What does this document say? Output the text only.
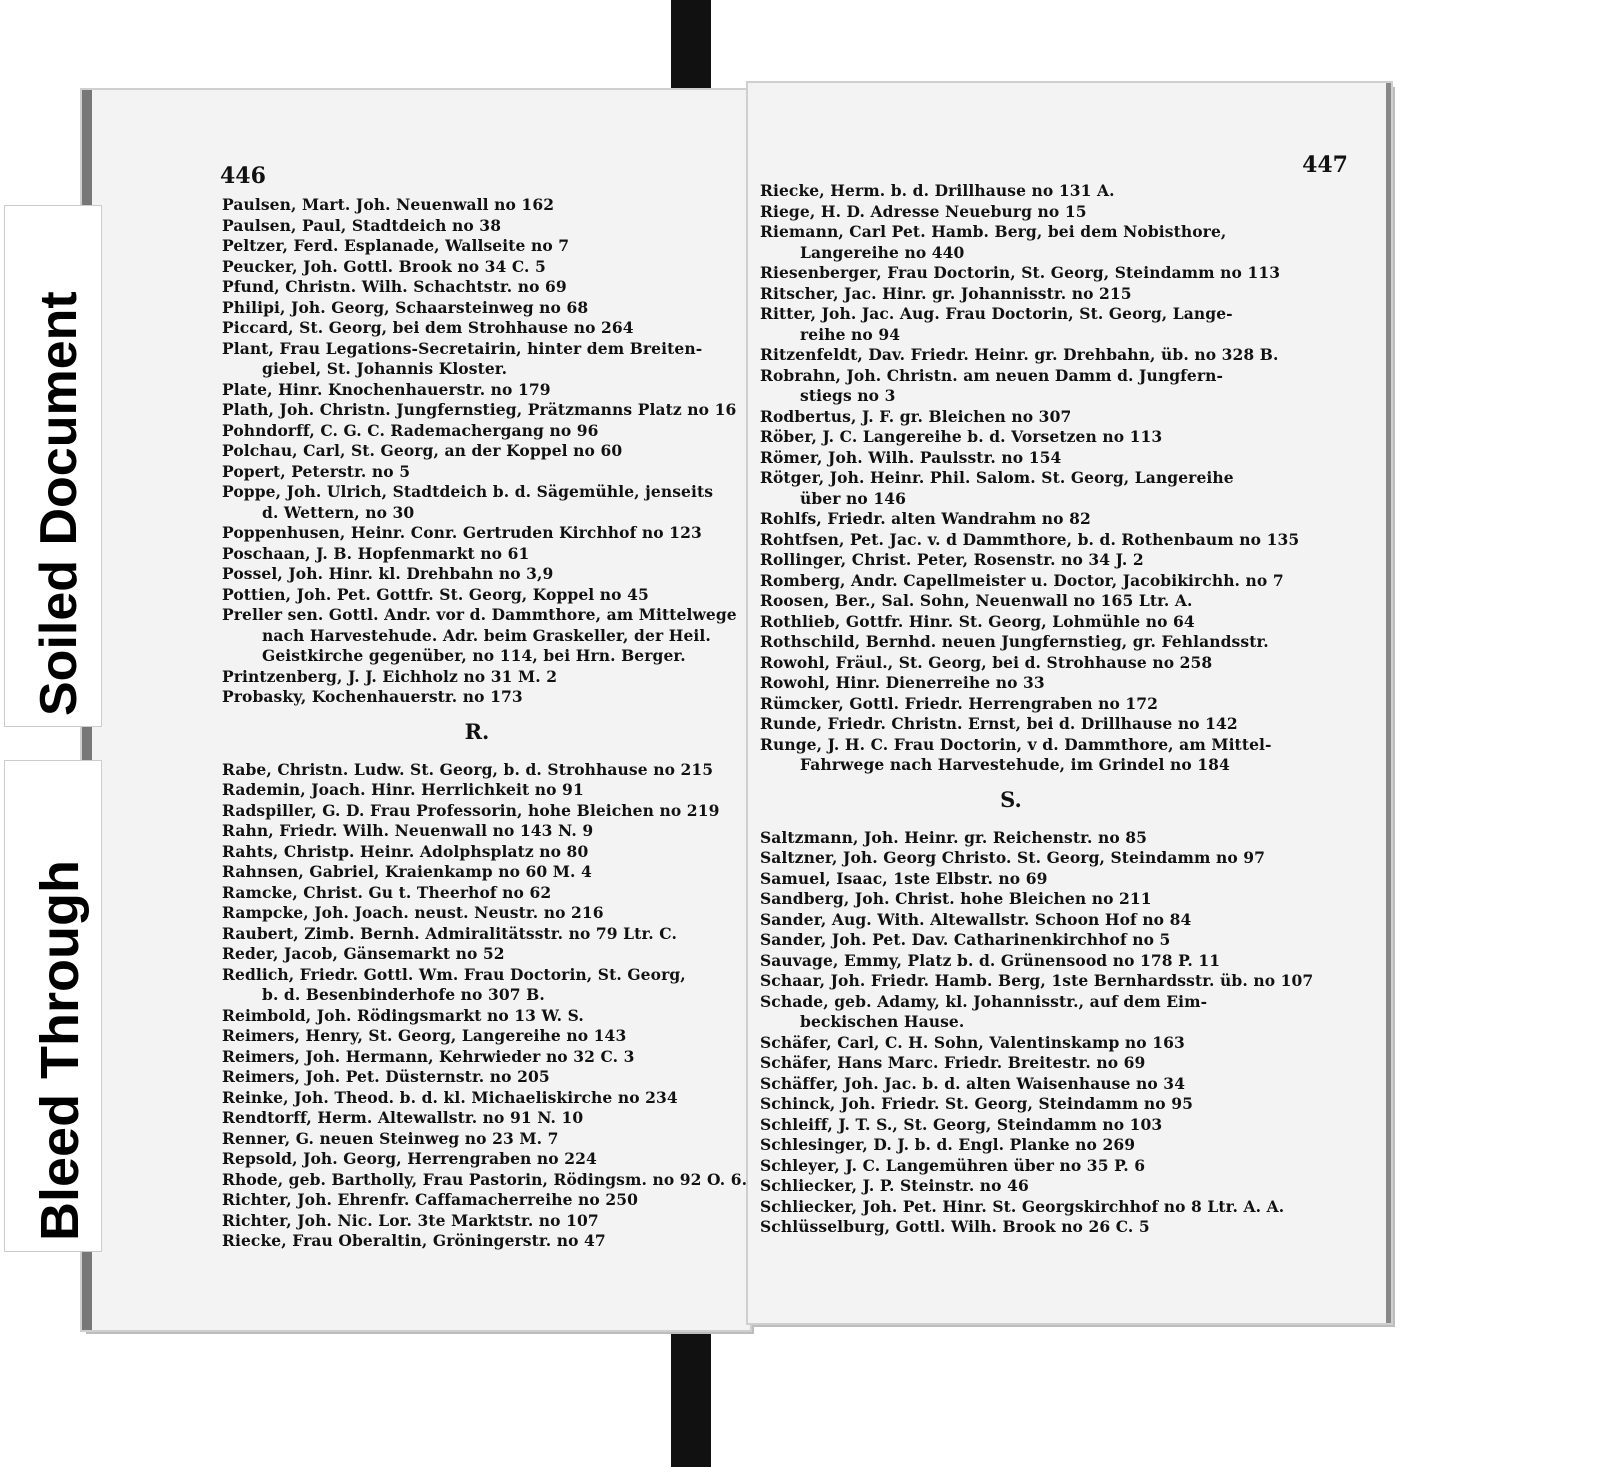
446
Paulsen, Mart. Joh. Neuenwall no 162
Paulsen, Paul, Stadtdeich no 38
Peltzer, Ferd. Esplanade, Wallseite no 7
Peucker, Joh. Gottl. Brook no 34 C. 5
Pfund, Christn. Wilh. Schachtstr. no 69
Philipi, Joh. Georg, Schaarsteinweg no 68
Piccard, St. Georg, bei dem Strohhause no 264
Plant, Frau Legations-Secretairin, hinter dem Breiten-
giebel, St. Johannis Kloster.
Plate, Hinr. Knochenhauerstr. no 179
Plath, Joh. Christn. Jungfernstieg, Prätzmanns Platz no 16
Pohndorff, C. G. C. Rademachergang no 96
Polchau, Carl, St. Georg, an der Koppel no 60
Popert, Peterstr. no 5
Poppe, Joh. Ulrich, Stadtdeich b. d. Sägemühle, jenseits
d. Wettern, no 30
Poppenhusen, Heinr. Conr. Gertruden Kirchhof no 123
Poschaan, J. B. Hopfenmarkt no 61
Possel, Joh. Hinr. kl. Drehbahn no 3,9
Pottien, Joh. Pet. Gottfr. St. Georg, Koppel no 45
Preller sen. Gottl. Andr. vor d. Dammthore, am Mittelwege
nach Harvestehude. Adr. beim Graskeller, der Heil.
Geistkirche gegenüber, no 114, bei Hrn. Berger.
Printzenberg, J. J. Eichholz no 31 M. 2
Probasky, Kochenhauerstr. no 173
R.
Rabe, Christn. Ludw. St. Georg, b. d. Strohhause no 215
Rademin, Joach. Hinr. Herrlichkeit no 91
Radspiller, G. D. Frau Professorin, hohe Bleichen no 219
Rahn, Friedr. Wilh. Neuenwall no 143 N. 9
Rahts, Christp. Heinr. Adolphsplatz no 80
Rahnsen, Gabriel, Kraienkamp no 60 M. 4
Ramcke, Christ. Gu t. Theerhof no 62
Rampcke, Joh. Joach. neust. Neustr. no 216
Raubert, Zimb. Bernh. Admiralitätsstr. no 79 Ltr. C.
Reder, Jacob, Gänsemarkt no 52
Redlich, Friedr. Gottl. Wm. Frau Doctorin, St. Georg,
b. d. Besenbinderhofe no 307 B.
Reimbold, Joh. Rödingsmarkt no 13 W. S.
Reimers, Henry, St. Georg, Langereihe no 143
Reimers, Joh. Hermann, Kehrwieder no 32 C. 3
Reimers, Joh. Pet. Düsternstr. no 205
Reinke, Joh. Theod. b. d. kl. Michaeliskirche no 234
Rendtorff, Herm. Altewallstr. no 91 N. 10
Renner, G. neuen Steinweg no 23 M. 7
Repsold, Joh. Georg, Herrengraben no 224
Rhode, geb. Bartholly, Frau Pastorin, Rödingsm. no 92 O. 6.
Richter, Joh. Ehrenfr. Caffamacherreihe no 250
Richter, Joh. Nic. Lor. 3te Marktstr. no 107
Riecke, Frau Oberaltin, Gröningerstr. no 47
447
Riecke, Herm. b. d. Drillhause no 131 A.
Riege, H. D. Adresse Neueburg no 15
Riemann, Carl Pet. Hamb. Berg, bei dem Nobisthore,
Langereihe no 440
Riesenberger, Frau Doctorin, St. Georg, Steindamm no 113
Ritscher, Jac. Hinr. gr. Johannisstr. no 215
Ritter, Joh. Jac. Aug. Frau Doctorin, St. Georg, Lange-
reihe no 94
Ritzenfeldt, Dav. Friedr. Heinr. gr. Drehbahn, üb. no 328 B.
Robrahn, Joh. Christn. am neuen Damm d. Jungfern-
stiegs no 3
Rodbertus, J. F. gr. Bleichen no 307
Röber, J. C. Langereihe b. d. Vorsetzen no 113
Römer, Joh. Wilh. Paulsstr. no 154
Rötger, Joh. Heinr. Phil. Salom. St. Georg, Langereihe
über no 146
Rohlfs, Friedr. alten Wandrahm no 82
Rohtfsen, Pet. Jac. v. d Dammthore, b. d. Rothenbaum no 135
Rollinger, Christ. Peter, Rosenstr. no 34 J. 2
Romberg, Andr. Capellmeister u. Doctor, Jacobikirchh. no 7
Roosen, Ber., Sal. Sohn, Neuenwall no 165 Ltr. A.
Rothlieb, Gottfr. Hinr. St. Georg, Lohmühle no 64
Rothschild, Bernhd. neuen Jungfernstieg, gr. Fehlandsstr.
Rowohl, Fräul., St. Georg, bei d. Strohhause no 258
Rowohl, Hinr. Dienerreihe no 33
Rümcker, Gottl. Friedr. Herrengraben no 172
Runde, Friedr. Christn. Ernst, bei d. Drillhause no 142
Runge, J. H. C. Frau Doctorin, v d. Dammthore, am Mittel-
Fahrwege nach Harvestehude, im Grindel no 184
S.
Saltzmann, Joh. Heinr. gr. Reichenstr. no 85
Saltzner, Joh. Georg Christo. St. Georg, Steindamm no 97
Samuel, Isaac, 1ste Elbstr. no 69
Sandberg, Joh. Christ. hohe Bleichen no 211
Sander, Aug. With. Altewallstr. Schoon Hof no 84
Sander, Joh. Pet. Dav. Catharinenkirchhof no 5
Sauvage, Emmy, Platz b. d. Grünensood no 178 P. 11
Schaar, Joh. Friedr. Hamb. Berg, 1ste Bernhardsstr. üb. no 107
Schade, geb. Adamy, kl. Johannisstr., auf dem Eim-
beckischen Hause.
Schäfer, Carl, C. H. Sohn, Valentinskamp no 163
Schäfer, Hans Marc. Friedr. Breitestr. no 69
Schäffer, Joh. Jac. b. d. alten Waisenhause no 34
Schinck, Joh. Friedr. St. Georg, Steindamm no 95
Schleiff, J. T. S., St. Georg, Steindamm no 103
Schlesinger, D. J. b. d. Engl. Planke no 269
Schleyer, J. C. Langemühren über no 35 P. 6
Schliecker, J. P. Steinstr. no 46
Schliecker, Joh. Pet. Hinr. St. Georgskirchhof no 8 Ltr. A. A.
Schlüsselburg, Gottl. Wilh. Brook no 26 C. 5
Soiled Document
Bleed Through
